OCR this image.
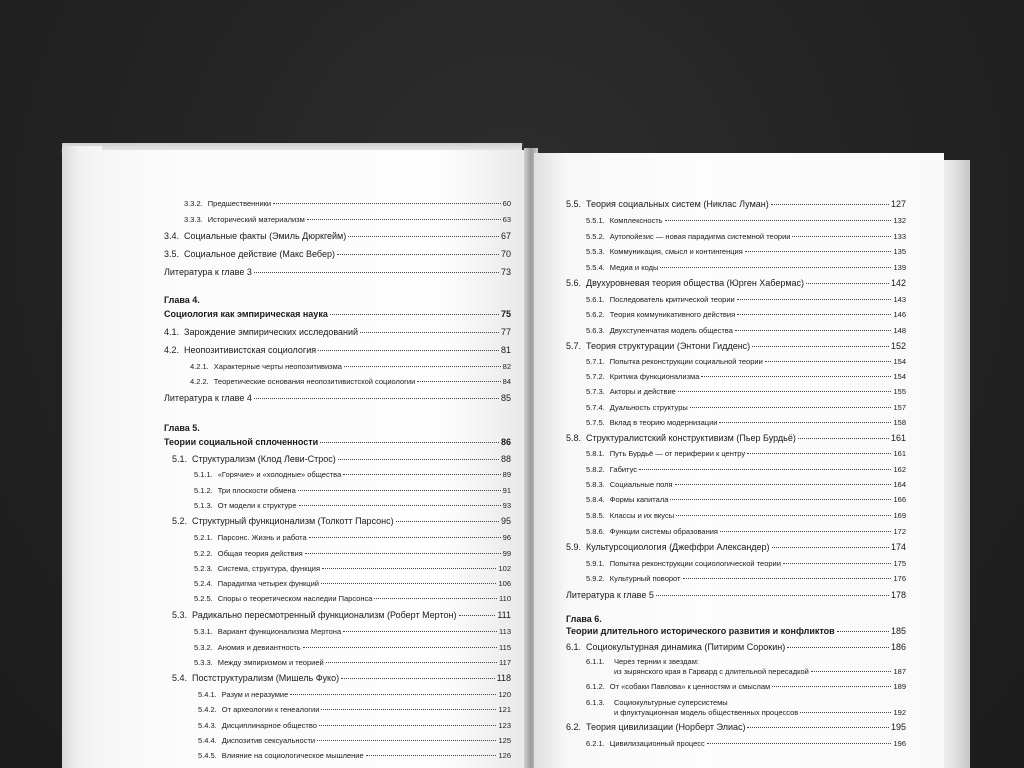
3.3.2. Предшественники	60
3.3.3. Исторический материализм	63
3.4. Социальные факты (Эмиль Дюркгейм)	67
3.5. Социальное действие (Макс Вебер)	70
Литература к главе 3	73
Глава 4.
Социология как эмпирическая наука	75
4.1. Зарождение эмпирических исследований	77
4.2. Неопозитивистская социология	81
4.2.1. Характерные черты неопозитивизма	82
4.2.2. Теоретические основания неопозитивистской социологии	84
Литература к главе 4	85
Глава 5.
Теории социальной сплоченности	86
5.1. Структурализм (Клод Леви-Строс)	88
5.1.1. «Горячие» и «холодные» общества	89
5.1.2. Три плоскости обмена	91
5.1.3. От модели к структуре	93
5.2. Структурный функционализм (Толкотт Парсонс)	95
5.2.1. Парсонс. Жизнь и работа	96
5.2.2. Общая теория действия	99
5.2.3. Система, структура, функция	102
5.2.4. Парадигма четырех функций	106
5.2.5. Споры о теоретическом наследии Парсонса	110
5.3. Радикально пересмотренный функционализм (Роберт Мертон)	111
5.3.1. Вариант функционализма Мертона	113
5.3.2. Аномия и девиантность	115
5.3.3. Между эмпиризмом и теорией	117
5.4. Постструктурализм (Мишель Фуко)	118
5.4.1. Разум и неразумие	120
5.4.2. От археологии к генеалогии	121
5.4.3. Дисциплинарное общество	123
5.4.4. Диспозитив сексуальности	125
5.4.5. Влияние на социологическое мышление	126
5.5. Теория социальных систем (Никлас Луман)	127
5.5.1. Комплексность	132
5.5.2. Аутопойезис — новая парадигма системной теории	133
5.5.3. Коммуникация, смысл и контингенция	135
5.5.4. Медиа и коды	139
5.6. Двухуровневая теория общества (Юрген Хабермас)	142
5.6.1. Последователь критической теории	143
5.6.2. Теория коммуникативного действия	146
5.6.3. Двухступенчатая модель общества	148
5.7. Теория структурации (Энтони Гидденс)	152
5.7.1. Попытка реконструкции социальной теории	154
5.7.2. Критика функционализма	154
5.7.3. Акторы и действие	155
5.7.4. Дуальность структуры	157
5.7.5. Вклад в теорию модернизации	158
5.8. Структуралистский конструктивизм (Пьер Бурдьё)	161
5.8.1. Путь Бурдьё — от периферии к центру	161
5.8.2. Габитус	162
5.8.3. Социальные поля	164
5.8.4. Формы капитала	166
5.8.5. Классы и их вкусы	169
5.8.6. Функции системы образования	172
5.9. Культурсоциология (Джеффри Александер)	174
5.9.1. Попытка реконструкции социологической теории	175
5.9.2. Культурный поворот	176
Литература к главе 5	178
Глава 6.
Теории длительного исторического развития и конфликтов	185
6.1. Социокультурная динамика (Питирим Сорокин)	186
6.1.1. Через тернии к звездам:
из зырянского края в Гарвард с длительной пересадкой	187
6.1.2. От «собаки Павлова» к ценностям и смыслам	189
6.1.3. Социокультурные суперсистемы
и флуктуационная модель общественных процессов	192
6.2. Теория цивилизации (Норберт Элиас)	195
6.2.1. Цивилизационный процесс	196
